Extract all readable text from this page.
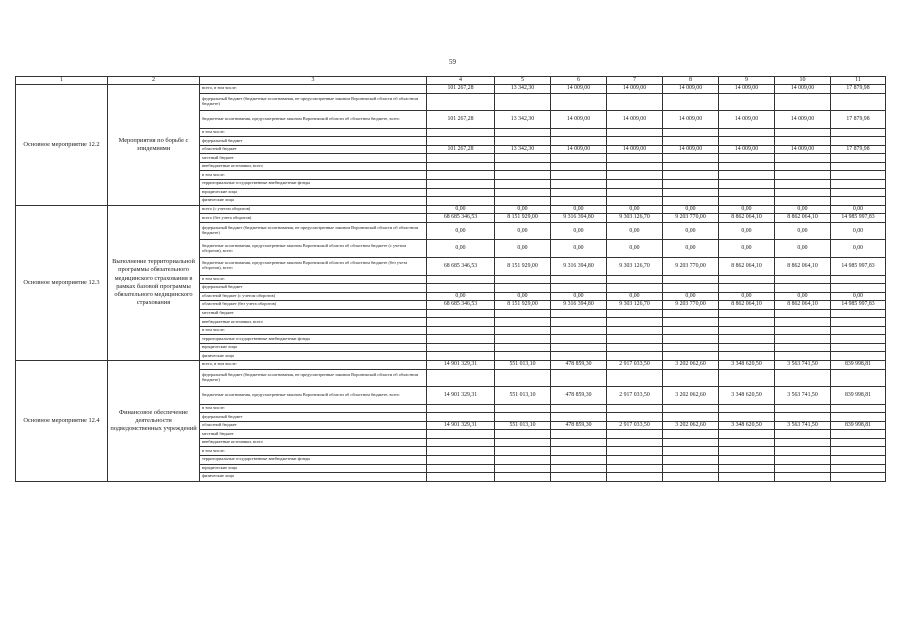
59
1	2	3	4	5	6	7	8	9	10	11
Основное мероприятие 12.2	Мероприятия по борьбе с эпидемиями	всего, в том числе:	101 267,28	13 342,30	14 009,00	14 009,00	14 009,00	14 009,00	14 009,00	17 879,98
		федеральный бюджет (бюджетные ассигнования, не предусмотренные законом Воронежской области об областном бюджете)								
		бюджетные ассигнования, предусмотренные законом Воронежской области об областном бюджете, всего	101 267,28	13 342,30	14 009,00	14 009,00	14 009,00	14 009,00	14 009,00	17 879,98
		в том числе:								
		федеральный бюджет								
		областной бюджет	101 267,28	13 342,30	14 009,00	14 009,00	14 009,00	14 009,00	14 009,00	17 879,98
		местный бюджет								
		внебюджетные источники, всего								
		в том числе:								
		территориальные государственные внебюджетные фонды								
		юридические лица								
		физические лица								
Основное мероприятие 12.3	Выполнение территориальной программы обязательного медицинского страхования в рамках базовой программы обязательного медицинского страхования	всего (с учетом оборотов)	0,00	0,00	0,00	0,00	0,00	0,00	0,00	0,00
		всего (без учета оборотов)	68 685 346,53	8 151 929,00	9 316 394,80	9 303 126,70	9 203 770,00	8 862 064,10	8 862 064,10	14 985 997,83
		федеральный бюджет (бюджетные ассигнования, не предусмотренные законом Воронежской области об областном бюджете)	0,00	0,00	0,00	0,00	0,00	0,00	0,00	0,00
		бюджетные ассигнования, предусмотренные законом Воронежской области об областном бюджете (с учетом оборотов), всего	0,00	0,00	0,00	0,00	0,00	0,00	0,00	0,00
		бюджетные ассигнования, предусмотренные законом Воронежской области об областном бюджете (без учета оборотов), всего	68 685 346,53	8 151 929,00	9 316 394,80	9 303 126,70	9 203 770,00	8 862 064,10	8 862 064,10	14 985 997,83
		в том числе:								
		федеральный бюджет								
		областной бюджет (с учетом оборотов)	0,00	0,00	0,00	0,00	0,00	0,00	0,00	0,00
		областной бюджет (без учета оборотов)	68 685 346,53	8 151 929,00	9 316 394,80	9 303 126,70	9 203 770,00	8 862 064,10	8 862 064,10	14 985 997,83
		местный бюджет								
		внебюджетные источники, всего								
		в том числе:								
		территориальные государственные внебюджетные фонды								
		юридические лица								
		физические лица								
Основное мероприятие 12.4	Финансовое обеспечение деятельности подведомственных учреждений	всего, в том числе:	14 901 329,31	551 013,10	478 859,30	2 917 033,50	3 202 062,60	3 348 620,50	3 563 741,50	839 998,81
		федеральный бюджет (бюджетные ассигнования, не предусмотренные законом Воронежской области об областном бюджете)								
		бюджетные ассигнования, предусмотренные законом Воронежской области об областном бюджете, всего	14 901 329,31	551 013,10	478 859,30	2 917 033,50	3 202 062,60	3 348 620,50	3 563 741,50	839 998,81
		в том числе:								
		федеральный бюджет								
		областной бюджет	14 901 329,31	551 013,10	478 859,30	2 917 033,50	3 202 062,60	3 348 620,50	3 563 741,50	839 998,81
		местный бюджет								
		внебюджетные источники, всего								
		в том числе:								
		территориальные государственные внебюджетные фонды								
		юридические лица								
		физические лица								
